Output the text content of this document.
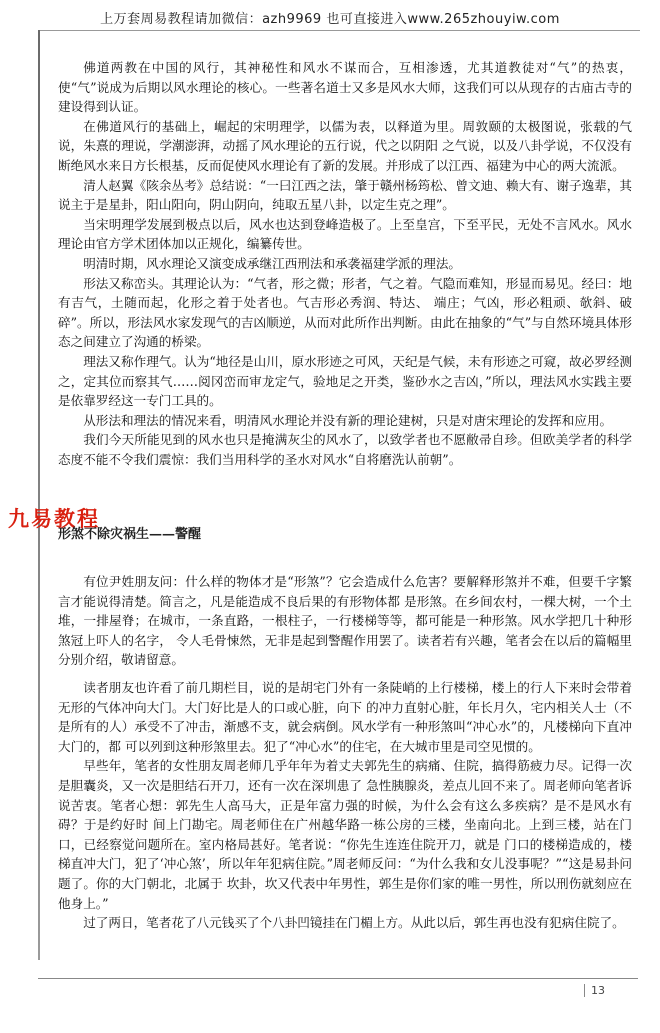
上万套周易教程请加微信：azh9969 也可直接进入www.265zhouyiw.com

佛道两教在中国的风行，其神秘性和风水不谋而合，互相渗透，尤其道教徒对“气”的热衷，使“气”说成为后期以风水理论的核心。一些著名道士又多是风水大师，这我们可以从现存的古庙古寺的建设得到认证。

在佛道风行的基础上，崛起的宋明理学，以儒为表，以释道为里。周敦颐的太极图说，张载的气说，朱熹的理说，学潮澎湃，动摇了风水理论的五行说，代之以阴阳 之气说，以及八卦学说，不仅没有断绝风水来日方长根基，反而促使风水理论有了新的发展。并形成了以江西、福建为中心的两大流派。

清人赵翼《陔余丛考》总结说：“一曰江西之法，肇于赣州杨筠松、曾文迪、赖大有、谢子逸辈，其说主于是星卦，阳山阳向，阴山阴向，纯取五星八卦，以定生克之理”。

当宋明理学发展到极点以后，风水也达到登峰造极了。上至皇宫，下至平民，无处不言风水。风水理论由官方学术团体加以正规化，编纂传世。

明清时期，风水理论又演变成承继江西刑法和承袭福建学派的理法。

形法又称峦头。其理论认为：“气者，形之微；形者，气之着。气隐而难知，形显而易见。经曰：地有吉气，土随而起，化形之着于处者也。气吉形必秀润、特达、 端庄；气凶，形必粗顽、欹斜、破碎”。所以，形法风水家发现气的吉凶顺逆，从而对此所作出判断。由此在抽象的“气”与自然环境具体形态之间建立了沟通的桥梁。

理法又称作理气。认为“地径是山川，原水形迹之可风，天纪是气候，未有形迹之可窥，故必罗经测之，定其位而察其气……阅冈峦而审龙定气，验地足之开类，鉴砂水之吉凶，”所以，理法风水实践主要是依靠罗经这一专门工具的。

从形法和理法的情况来看，明清风水理论并没有新的理论建树，只是对唐宋理论的发挥和应用。

我们今天所能见到的风水也只是掩满灰尘的风水了，以致学者也不愿敝帚自珍。但欧美学者的科学态度不能不令我们震惊：我们当用科学的圣水对风水“自将磨洗认前朝”。

九易教程
形煞不除灾祸生——警醒

有位尹姓朋友问：什么样的物体才是“形煞”？它会造成什么危害？要解释形煞并不难，但要千字繁言才能说得清楚。简言之，凡是能造成不良后果的有形物体都 是形煞。在乡间农村，一棵大树，一个土堆，一排屋脊；在城市，一条直路，一根柱子，一行楼梯等等，都可能是一种形煞。风水学把几十种形煞冠上吓人的名字， 令人毛骨悚然，无非是起到警醒作用罢了。读者若有兴趣，笔者会在以后的篇幅里分别介绍，敬请留意。

读者朋友也许看了前几期栏目，说的是胡宅门外有一条陡峭的上行楼梯，楼上的行人下来时会带着无形的气体冲向大门。大门好比是人的口或心脏，向下 的冲力直射心脏，年长月久，宅内相关人士（不是所有的人）承受不了冲击，渐感不支，就会病倒。风水学有一种形煞叫“冲心水”的，凡楼梯向下直冲大门的，都 可以列到这种形煞里去。犯了“冲心水”的住宅，在大城市里是司空见惯的。

早些年，笔者的女性朋友周老师几乎年年为着丈夫郭先生的病痛、住院，搞得筋疲力尽。记得一次是胆囊炎，又一次是胆结石开刀，还有一次在深圳患了 急性胰腺炎，差点儿回不来了。周老师向笔者诉说苦衷。笔者心想：郭先生人高马大，正是年富力强的时候，为什么会有这么多疾病？是不是风水有碍？于是约好时 间上门勘宅。周老师住在广州越华路一栋公房的三楼，坐南向北。上到三楼，站在门口，已经察觉问题所在。室内格局甚好。笔者说：“你先生连连住院开刀，就是 门口的楼梯造成的，楼梯直冲大门，犯了‘冲心煞’，所以年年犯病住院。”周老师反问：“为什么我和女儿没事呢？”“这是易卦问题了。你的大门朝北，北属于 坎卦，坎又代表中年男性，郭生是你们家的唯一男性，所以刑伤就刻应在他身上。”

过了两日，笔者花了八元钱买了个八卦凹镜挂在门楣上方。从此以后，郭生再也没有犯病住院了。

13
